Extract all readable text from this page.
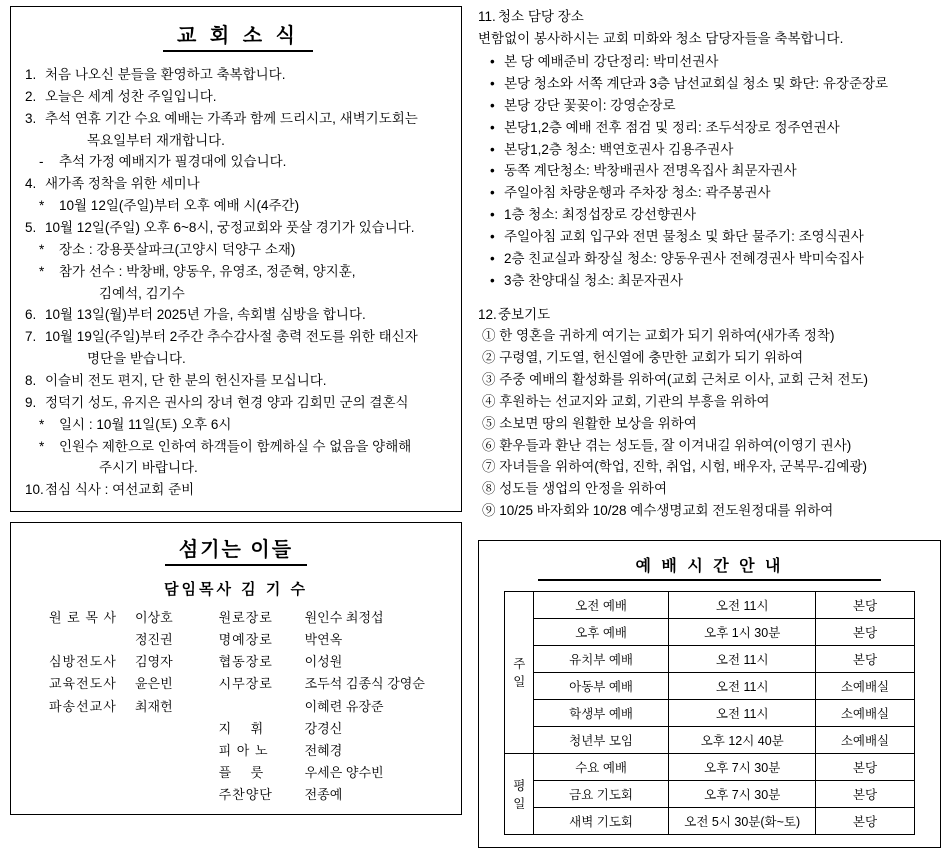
교 회 소 식
1. 처음 나오신 분들을 환영하고 축복합니다.
2. 오늘은 세계 성찬 주일입니다.
3. 추석 연휴 기간 수요 예배는 가족과 함께 드리시고, 새벽기도회는
목요일부터 재개합니다.
-	추석 가정 예배지가 필경대에 있습니다.
4. 새가족 정착을 위한 세미나
*	10월 12일(주일)부터 오후 예배 시(4주간)
5. 10월 12일(주일) 오후 6~8시, 궁정교회와 풋살 경기가 있습니다.
*	장소 : 강용풋살파크(고양시 덕양구 소재)
*	참가 선수 : 박창배, 양동우, 유영조, 정준혁, 양지훈,
김예석, 김기수
6. 10월 13일(월)부터 2025년 가을, 속회별 심방을 합니다.
7. 10월 19일(주일)부터 2주간 추수감사절 총력 전도를 위한 태신자
명단을 받습니다.
8. 이슬비 전도 편지, 단 한 분의 헌신자를 모십니다.
9. 정덕기 성도, 유지은 권사의 장녀 현경 양과 김회민 군의 결혼식
*	일시 : 10월 11일(토) 오후 6시
*	인원수 제한으로 인하여 하객들이 함께하실 수 없음을 양해해
주시기 바랍니다.
10. 점심 식사 : 여선교회 준비
섬기는 이들
담임목사 김 기 수
원 로 목 사	이상호
정진권
심방전도사	김영자
교육전도사	윤은빈
파송선교사	최재헌
원로장로	원인수 최정섭
명예장로	박연옥
협동장로	이성원
시무장로	조두석 김종식 강영순
이혜련 유장준
지    휘	강경신
피 아 노	전혜경
플    룻	우세은 양수빈
주찬양단	전종예
11. 청소 담당 장소
변함없이 봉사하시는 교회 미화와 청소 담당자들을 축복합니다.
• 본 당 예배준비 강단정리: 박미선권사
• 본당 청소와 서쪽 계단과 3층 남선교회실 청소 및 화단: 유장준장로
• 본당 강단 꽃꽂이: 강영순장로
• 본당1,2층 예배 전후 점검 및 정리: 조두석장로 정주연권사
• 본당1,2층 청소: 백연호권사 김용주권사
• 동쪽 계단청소: 박창배권사 전명옥집사 최문자권사
• 주일아침 차량운행과 주차장 청소: 곽주봉권사
• 1층 청소: 최정섭장로 강선향권사
• 주일아침 교회 입구와 전면 물청소 및 화단 물주기: 조영식권사
• 2층 친교실과 화장실 청소: 양동우권사 전혜경권사 박미숙집사
• 3층 찬양대실 청소: 최문자권사
12. 중보기도
① 한 영혼을 귀하게 여기는 교회가 되기 위하여(새가족 정착)
② 구령열, 기도열, 헌신열에 충만한 교회가 되기 위하여
③ 주중 예배의 활성화를 위하여(교회 근처로 이사, 교회 근처 전도)
④ 후원하는 선교지와 교회, 기관의 부흥을 위하여
⑤ 소보면 땅의 원활한 보상을 위하여
⑥ 환우들과 환난 겪는 성도들, 잘 이겨내길 위하여(이영기 권사)
⑦ 자녀들을 위하여(학업, 진학, 취업, 시험, 배우자, 군복무-김예광)
⑧ 성도들 생업의 안정을 위하여
⑨ 10/25 바자회와 10/28 예수생명교회 전도원정대를 위하여
예 배 시 간 안 내
주
일	오전 예배	오전 11시	본당
	오후 예배	오후 1시 30분	본당
	유치부 예배	오전 11시	본당
	아동부 예배	오전 11시	소예배실
	학생부 예배	오전 11시	소예배실
	청년부 모임	오후 12시 40분	소예배실
평
일	수요 예배	오후 7시 30분	본당
	금요 기도회	오후 7시 30분	본당
	새벽 기도회	오전 5시 30분(화~토)	본당
